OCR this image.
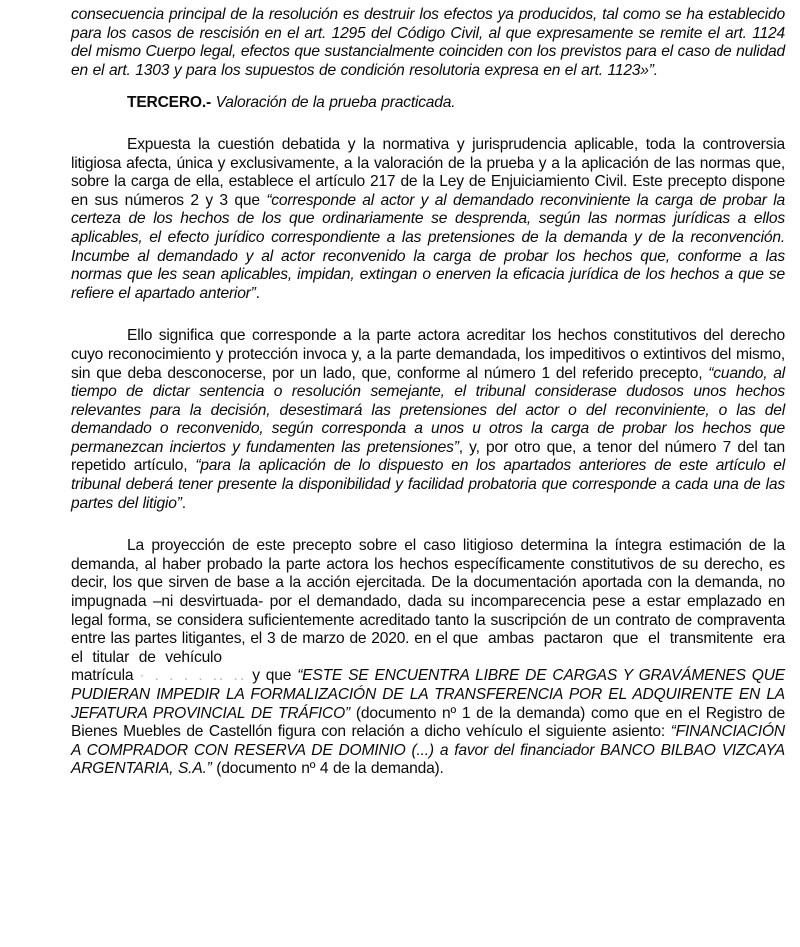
consecuencia principal de la resolución es destruir los efectos ya producidos, tal como se ha establecido para los casos de rescisión en el art. 1295 del Código Civil, al que expresamente se remite el art. 1124 del mismo Cuerpo legal, efectos que sustancialmente coinciden con los previstos para el caso de nulidad en el art. 1303 y para los supuestos de condición resolutoria expresa en el art. 1123»”.

TERCERO.- Valoración de la prueba practicada.

Expuesta la cuestión debatida y la normativa y jurisprudencia aplicable, toda la controversia litigiosa afecta, única y exclusivamente, a la valoración de la prueba y a la aplicación de las normas que, sobre la carga de ella, establece el artículo 217 de la Ley de Enjuiciamiento Civil. Este precepto dispone en sus números 2 y 3 que “corresponde al actor y al demandado reconviniente la carga de probar la certeza de los hechos de los que ordinariamente se desprenda, según las normas jurídicas a ellos aplicables, el efecto jurídico correspondiente a las pretensiones de la demanda y de la reconvención. Incumbe al demandado y al actor reconvenido la carga de probar los hechos que, conforme a las normas que les sean aplicables, impidan, extingan o enerven la eficacia jurídica de los hechos a que se refiere el apartado anterior”.

Ello significa que corresponde a la parte actora acreditar los hechos constitutivos del derecho cuyo reconocimiento y protección invoca y, a la parte demandada, los impeditivos o extintivos del mismo, sin que deba desconocerse, por un lado, que, conforme al número 1 del referido precepto, “cuando, al tiempo de dictar sentencia o resolución semejante, el tribunal considerase dudosos unos hechos relevantes para la decisión, desestimará las pretensiones del actor o del reconviniente, o las del demandado o reconvenido, según corresponda a unos u otros la carga de probar los hechos que permanezcan inciertos y fundamenten las pretensiones”, y, por otro que, a tenor del número 7 del tan repetido artículo, “para la aplicación de lo dispuesto en los apartados anteriores de este artículo el tribunal deberá tener presente la disponibilidad y facilidad probatoria que corresponde a cada una de las partes del litigio”.

La proyección de este precepto sobre el caso litigioso determina la íntegra estimación de la demanda, al haber probado la parte actora los hechos específicamente constitutivos de su derecho, es decir, los que sirven de base a la acción ejercitada. De la documentación aportada con la demanda, no impugnada –ni desvirtuada- por el demandado, dada su incomparecencia pese a estar emplazado en legal forma, se considera suficientemente acreditado tanto la suscripción de un contrato de compraventa entre las partes litigantes, el 3 de marzo de 2020. en el que ambas pactaron que el transmitente era el titular de vehículo
matrícula · . . . . .. .. y que “ESTE SE ENCUENTRA LIBRE DE CARGAS Y GRAVÁMENES QUE PUDIERAN IMPEDIR LA FORMALIZACIÓN DE LA TRANSFERENCIA POR EL ADQUIRENTE EN LA JEFATURA PROVINCIAL DE TRÁFICO” (documento nº 1 de la demanda) como que en el Registro de Bienes Muebles de Castellón figura con relación a dicho vehículo el siguiente asiento: “FINANCIACIÓN A COMPRADOR CON RESERVA DE DOMINIO (...) a favor del financiador BANCO BILBAO VIZCAYA ARGENTARIA, S.A.” (documento nº 4 de la demanda).
